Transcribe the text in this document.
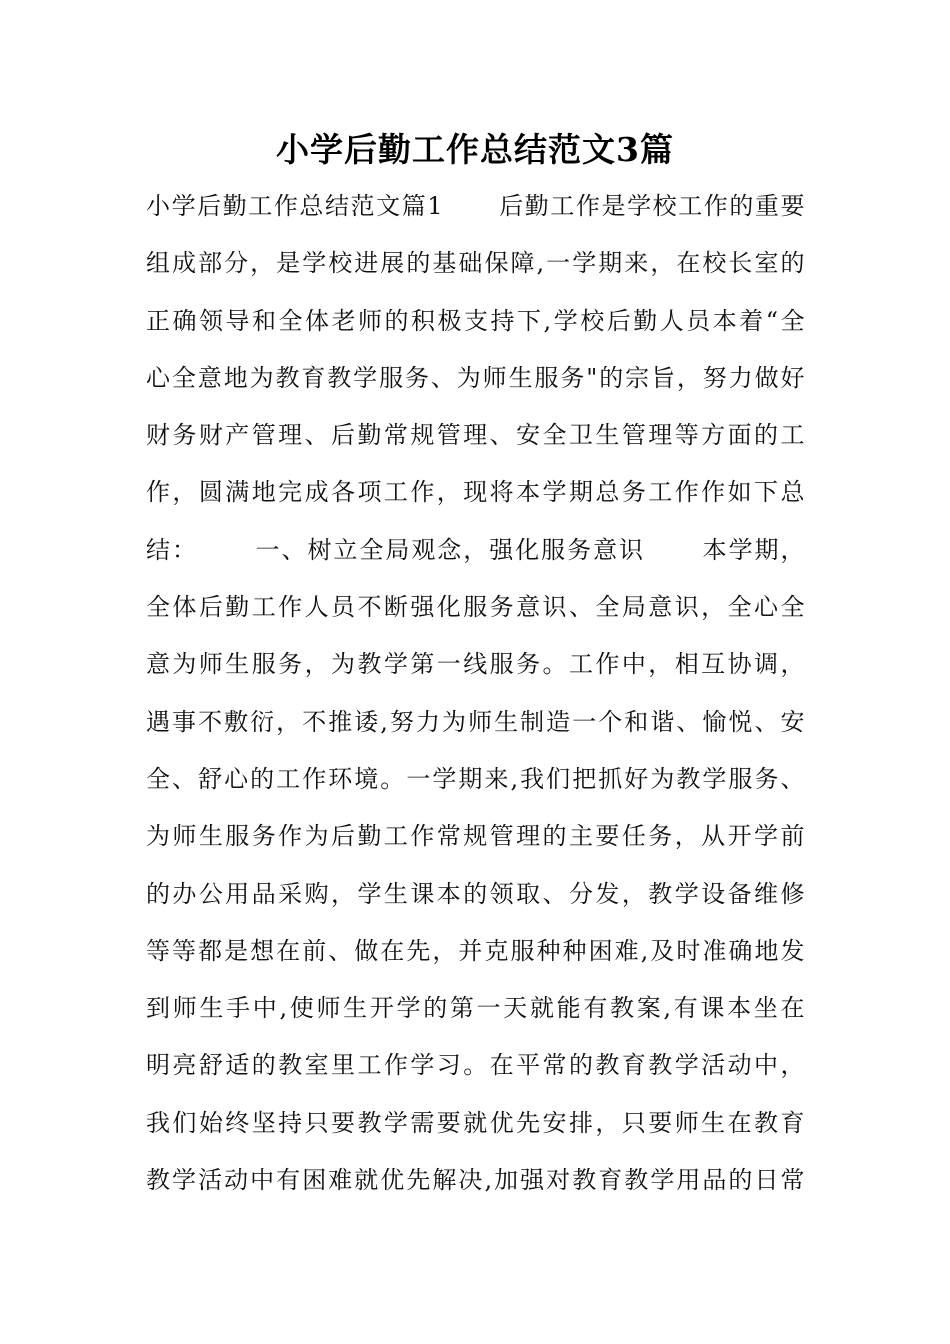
小学后勤工作总结范文3篇
小学后勤工作总结范文篇1      后勤工作是学校工作的重要
组成部分，是学校进展的基础保障,一学期来，在校长室的
正确领导和全体老师的积极支持下,学校后勤人员本着“全
心全意地为教育教学服务、为师生服务"的宗旨，努力做好
财务财产管理、后勤常规管理、安全卫生管理等方面的工
作，圆满地完成各项工作，现将本学期总务工作作如下总
结：      一、树立全局观念，强化服务意识      本学期，
全体后勤工作人员不断强化服务意识、全局意识，全心全
意为师生服务，为教学第一线服务。工作中，相互协调，
遇事不敷衍，不推诿,努力为师生制造一个和谐、愉悦、安
全、舒心的工作环境。一学期来,我们把抓好为教学服务、
为师生服务作为后勤工作常规管理的主要任务，从开学前
的办公用品采购，学生课本的领取、分发，教学设备维修
等等都是想在前、做在先，并克服种种困难,及时准确地发
到师生手中,使师生开学的第一天就能有教案,有课本坐在
明亮舒适的教室里工作学习。在平常的教育教学活动中，
我们始终坚持只要教学需要就优先安排，只要师生在教育
教学活动中有困难就优先解决,加强对教育教学用品的日常
